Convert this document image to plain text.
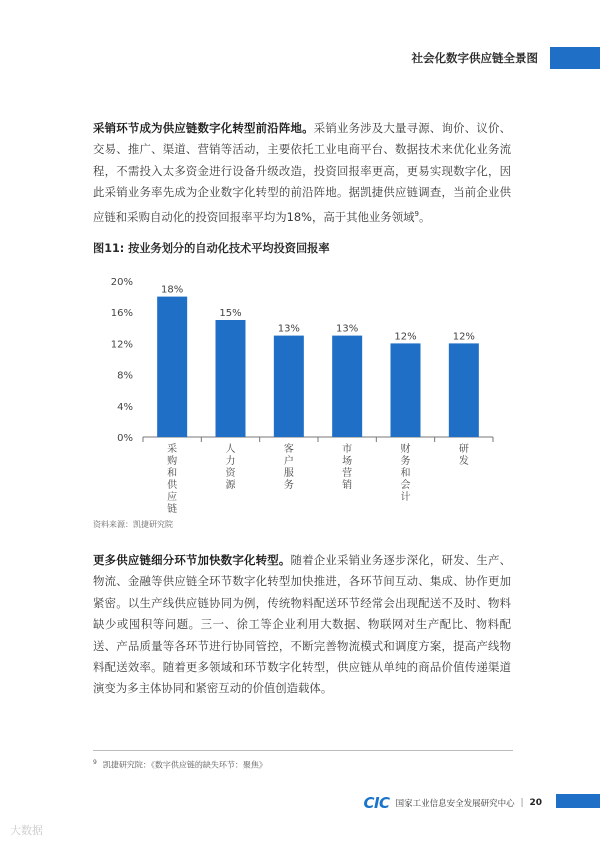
社会化数字供应链全景图

采销环节成为供应链数字化转型前沿阵地。采销业务涉及大量寻源、询价、议价、交易、推广、渠道、营销等活动，主要依托工业电商平台、数据技术来优化业务流程，不需投入太多资金进行设备升级改造，投资回报率更高，更易实现数字化，因此采销业务率先成为企业数字化转型的前沿阵地。据凯捷供应链调查，当前企业供应链和采购自动化的投资回报率平均为18%，高于其他业务领域$^9$。

图11: 按业务划分的自动化技术平均投资回报率
0%
4%
8%
12%
16%
20%
18%
采购和供应链
15%
人力资源
13%
客户服务
13%
市场营销
12%
财务和会计
12%
研发
资料来源：凯捷研究院

更多供应链细分环节加快数字化转型。随着企业采销业务逐步深化，研发、生产、物流、金融等供应链全环节数字化转型加快推进，各环节间互动、集成、协作更加紧密。以生产线供应链协同为例，传统物料配送环节经常会出现配送不及时、物料缺少或囤积等问题。三一、徐工等企业利用大数据、物联网对生产配比、物料配送、产品质量等各环节进行协同管控，不断完善物流模式和调度方案，提高产线物料配送效率。随着更多领域和环节数字化转型，供应链从单纯的商品价值传递渠道演变为多主体协同和紧密互动的价值创造载体。

$^9$ 凯捷研究院：《数字供应链的缺失环节：聚焦》
CIC 国家工业信息安全发展研究中心 | 20
大数据
